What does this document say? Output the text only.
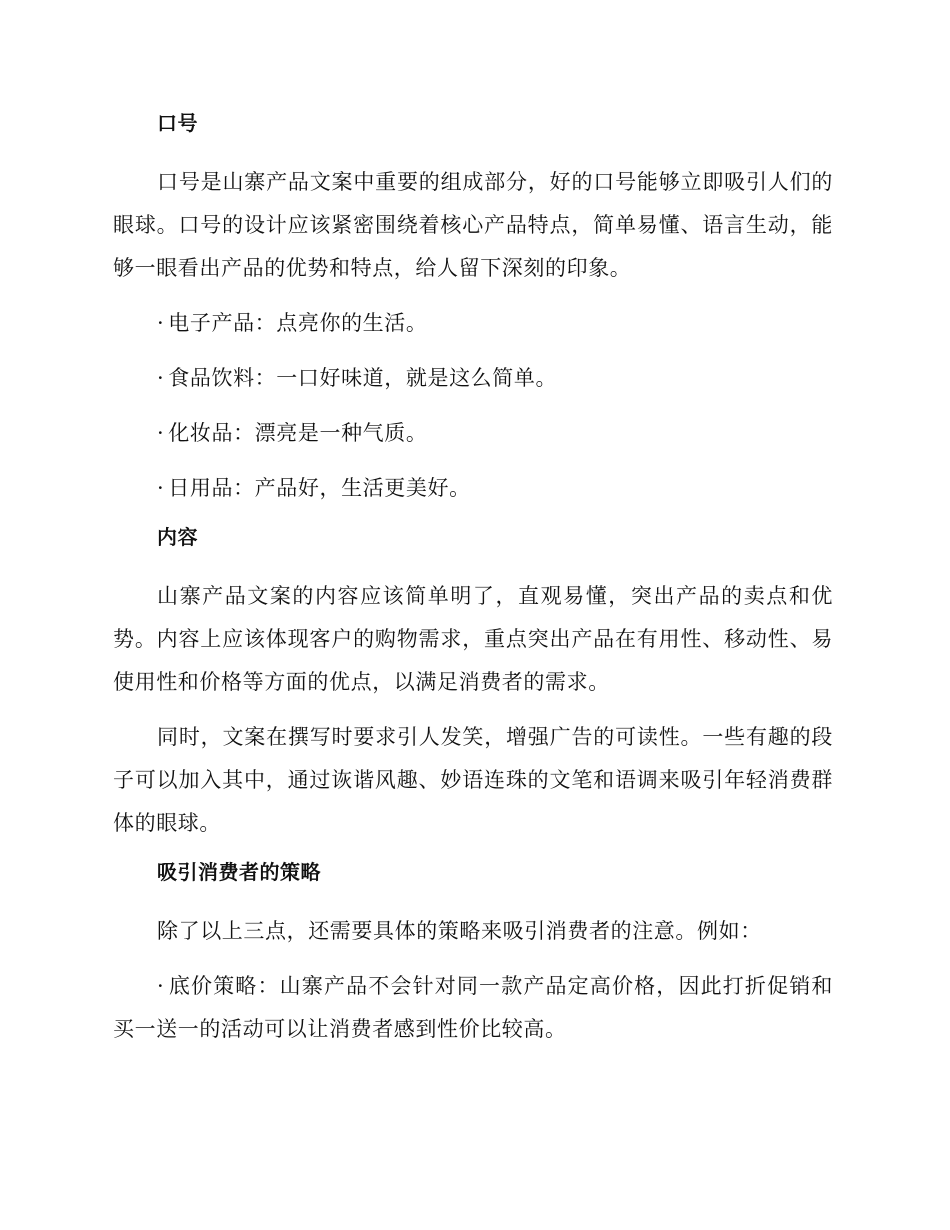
口号

口号是山寨产品文案中重要的组成部分，好的口号能够立即吸引人们的眼球。口号的设计应该紧密围绕着核心产品特点，简单易懂、语言生动，能够一眼看出产品的优势和特点，给人留下深刻的印象。

· 电子产品：点亮你的生活。

· 食品饮料：一口好味道，就是这么简单。

· 化妆品：漂亮是一种气质。

· 日用品：产品好，生活更美好。

内容

山寨产品文案的内容应该简单明了，直观易懂，突出产品的卖点和优势。内容上应该体现客户的购物需求，重点突出产品在有用性、移动性、易使用性和价格等方面的优点，以满足消费者的需求。

同时，文案在撰写时要求引人发笑，增强广告的可读性。一些有趣的段子可以加入其中，通过诙谐风趣、妙语连珠的文笔和语调来吸引年轻消费群体的眼球。

吸引消费者的策略

除了以上三点，还需要具体的策略来吸引消费者的注意。例如：

· 底价策略：山寨产品不会针对同一款产品定高价格，因此打折促销和买一送一的活动可以让消费者感到性价比较高。
